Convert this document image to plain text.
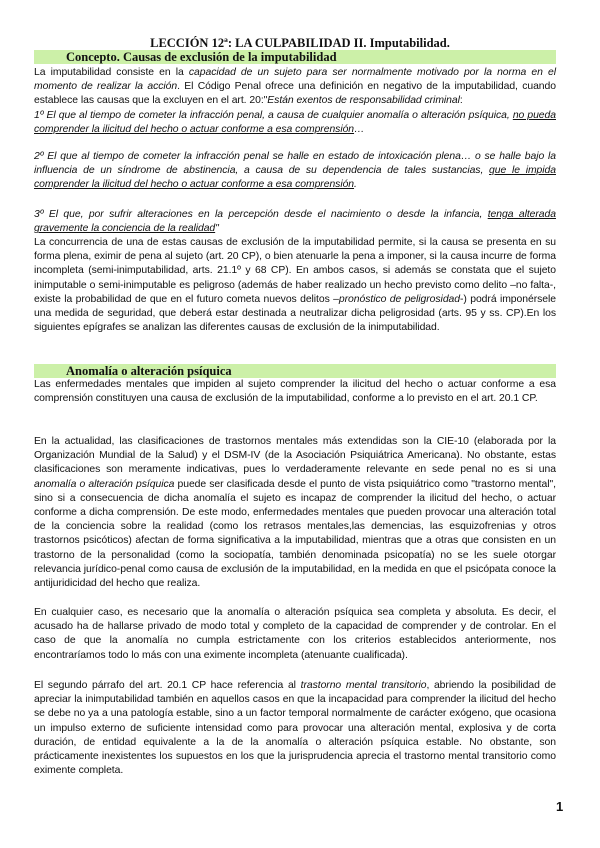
LECCIÓN 12ª: LA CULPABILIDAD II. Imputabilidad.
Concepto. Causas de exclusión de la imputabilidad

La imputabilidad consiste en la capacidad de un sujeto para ser normalmente motivado por la norma en el momento de realizar la acción. El Código Penal ofrece una definición en negativo de la imputabilidad, cuando establece las causas que la excluyen en el art. 20:"Están exentos de responsabilidad criminal:

1º El que al tiempo de cometer la infracción penal, a causa de cualquier anomalía o alteración psíquica, no pueda comprender la ilicitud del hecho o actuar conforme a esa comprensión…

2º El que al tiempo de cometer la infracción penal se halle en estado de intoxicación plena… o se halle bajo la influencia de un síndrome de abstinencia, a causa de su dependencia de tales sustancias, que le impida comprender la ilicitud del hecho o actuar conforme a esa comprensión.

3º El que, por sufrir alteraciones en la percepción desde el nacimiento o desde la infancia, tenga alterada gravemente la conciencia de la realidad"

La concurrencia de una de estas causas de exclusión de la imputabilidad permite, si la causa se presenta en su forma plena, eximir de pena al sujeto (art. 20 CP), o bien atenuarle la pena a imponer, si la causa incurre de forma incompleta (semi-inimputabilidad, arts. 21.1º y 68 CP). En ambos casos, si además se constata que el sujeto inimputable o semi-inimputable es peligroso (además de haber realizado un hecho previsto como delito –no falta-, existe la probabilidad de que en el futuro cometa nuevos delitos –pronóstico de peligrosidad-) podrá imponérsele una medida de seguridad, que deberá estar destinada a neutralizar dicha peligrosidad (arts. 95 y ss. CP).En los siguientes epígrafes se analizan las diferentes causas de exclusión de la inimputabilidad.

Anomalía o alteración psíquica

Las enfermedades mentales que impiden al sujeto comprender la ilicitud del hecho o actuar conforme a esa comprensión constituyen una causa de exclusión de la imputabilidad, conforme a lo previsto en el art. 20.1 CP.

En la actualidad, las clasificaciones de trastornos mentales más extendidas son la CIE-10 (elaborada por la Organización Mundial de la Salud) y el DSM-IV (de la Asociación Psiquiátrica Americana). No obstante, estas clasificaciones son meramente indicativas, pues lo verdaderamente relevante en sede penal no es si una anomalía o alteración psíquica puede ser clasificada desde el punto de vista psiquiátrico como "trastorno mental", sino si a consecuencia de dicha anomalía el sujeto es incapaz de comprender la ilicitud del hecho, o actuar conforme a dicha comprensión. De este modo, enfermedades mentales que pueden provocar una alteración total de la conciencia sobre la realidad (como los retrasos mentales,las demencias, las esquizofrenias y otros trastornos psicóticos) afectan de forma significativa a la imputabilidad, mientras que a otras que consisten en un trastorno de la personalidad (como la sociopatía, también denominada psicopatía) no se les suele otorgar relevancia jurídico-penal como causa de exclusión de la imputabilidad, en la medida en que el psicópata conoce la antijuridicidad del hecho que realiza.

En cualquier caso, es necesario que la anomalía o alteración psíquica sea completa y absoluta. Es decir, el acusado ha de hallarse privado de modo total y completo de la capacidad de comprender y de controlar. En el caso de que la anomalía no cumpla estrictamente con los criterios establecidos anteriormente, nos encontraríamos todo lo más con una eximente incompleta (atenuante cualificada).

El segundo párrafo del art. 20.1 CP hace referencia al trastorno mental transitorio, abriendo la posibilidad de apreciar la inimputabilidad también en aquellos casos en que la incapacidad para comprender la ilicitud del hecho se debe no ya a una patología estable, sino a un factor temporal normalmente de carácter exógeno, que ocasiona un impulso externo de suficiente intensidad como para provocar una alteración mental, explosiva y de corta duración, de entidad equivalente a la de la anomalía o alteración psíquica estable. No obstante, son prácticamente inexistentes los supuestos en los que la jurisprudencia aprecia el trastorno mental transitorio como eximente completa.

1
